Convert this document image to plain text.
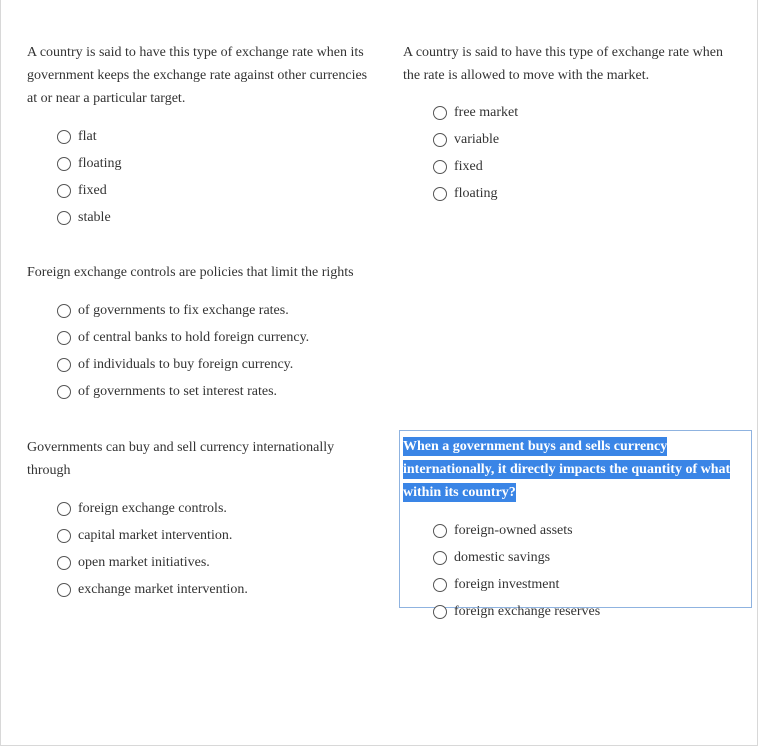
A country is said to have this type of exchange rate when its government keeps the exchange rate against other currencies at or near a particular target.

flat
floating
fixed
stable

A country is said to have this type of exchange rate when the rate is allowed to move with the market.

free market
variable
fixed
floating

Foreign exchange controls are policies that limit the rights

of governments to fix exchange rates.
of central banks to hold foreign currency.
of individuals to buy foreign currency.
of governments to set interest rates.

Governments can buy and sell currency internationally through

foreign exchange controls.
capital market intervention.
open market initiatives.
exchange market intervention.

When a government buys and sells currency internationally, it directly impacts the quantity of what within its country?

foreign-owned assets
domestic savings
foreign investment
foreign exchange reserves
